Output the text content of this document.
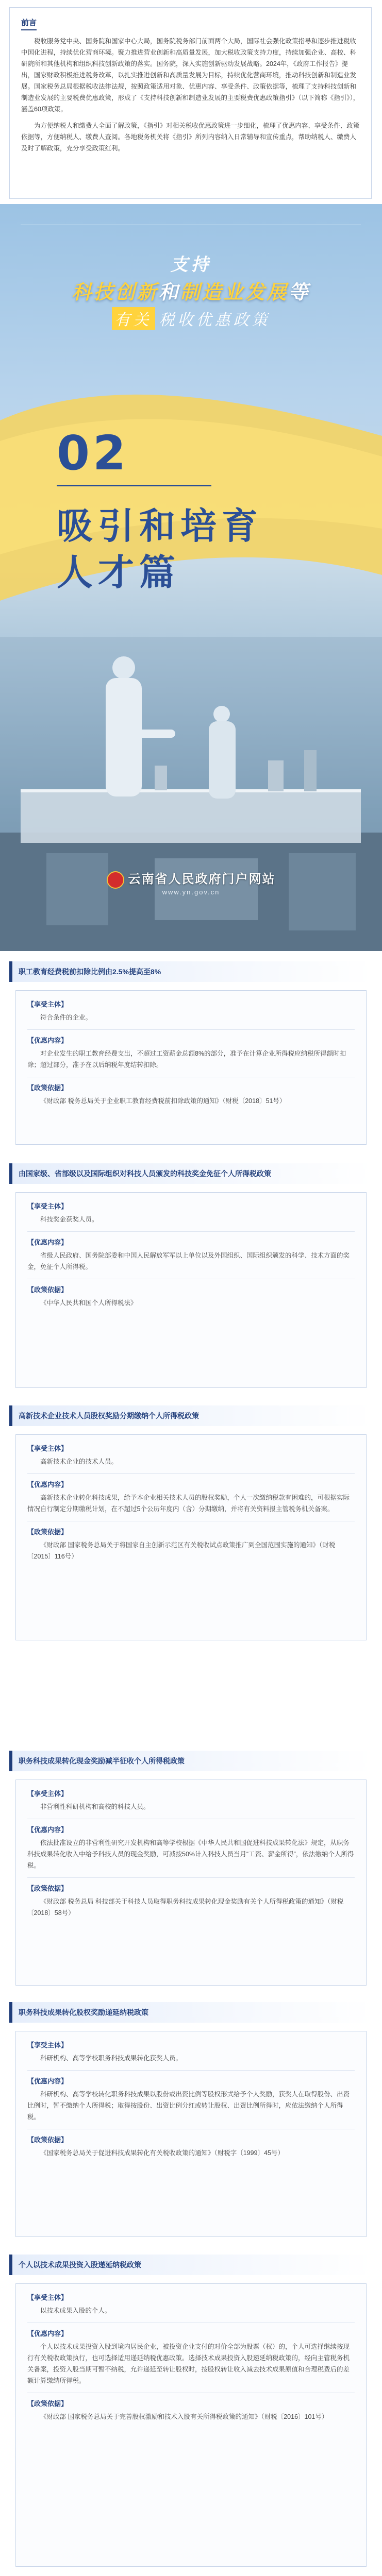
前言

税收服务党中央、国务院和国家中心大局，国务院税务部门前面两个大局，国际社会强化政策指导和逐步推进税收中国化进程，持续优化营商环境。聚力推进营业创新和高质量发展，加大税收政策支持力度，持续加强企业、高校、科研院所和其他机构和组织科技创新政策的落实。国务院，深入实施创新驱动发展战略。2024年，《政府工作报告》提出，国家财政积极推进税务改革，以扎实推进创新和高质量发展为目标，持续优化营商环境，推动科技创新和制造业发展。国家税务总局根据税收法律法规，按照政策适用对象、优惠内容、享受条件、政策依据等，梳理了支持科技创新和制造业发展的主要税费优惠政策，形成了《支持科技创新和制造业发展的主要税费优惠政策指引》（以下简称《指引》），涵盖60项政策。

为方便纳税人和缴费人全面了解政策，《指引》对相关税收优惠政策进一步细化，梳理了优惠内容、享受条件、政策依据等，方便纳税人、缴费人查阅。各地税务机关将《指引》所列内容纳入日常辅导和宣传重点，帮助纳税人、缴费人及时了解政策，充分享受政策红利。

支持
科技创新和制造业发展等
有关 税收优惠政策
02
吸引和培育
人才篇
云南省人民政府门户网站
www.yn.gov.cn
职工教育经费税前扣除比例由2.5%提高至8%
【享受主体】

符合条件的企业。

【优惠内容】

对企业发生的职工教育经费支出，不超过工资薪金总额8%的部分，准予在计算企业所得税应纳税所得额时扣除；超过部分，准予在以后纳税年度结转扣除。

【政策依据】

《财政部 税务总局关于企业职工教育经费税前扣除政策的通知》（财税〔2018〕51号）

由国家级、省部级以及国际组织对科技人员颁发的科技奖金免征个人所得税政策
【享受主体】

科技奖金获奖人员。

【优惠内容】

省级人民政府、国务院部委和中国人民解放军军以上单位以及外国组织、国际组织颁发的科学、技术方面的奖金，免征个人所得税。

【政策依据】

《中华人民共和国个人所得税法》

高新技术企业技术人员股权奖励分期缴纳个人所得税政策
【享受主体】

高新技术企业的技术人员。

【优惠内容】

高新技术企业转化科技成果，给予本企业相关技术人员的股权奖励，个人一次缴纳税款有困难的，可根据实际情况自行制定分期缴税计划，在不超过5个公历年度内（含）分期缴纳，并将有关资料报主管税务机关备案。

【政策依据】

《财政部 国家税务总局关于将国家自主创新示范区有关税收试点政策推广到全国范围实施的通知》（财税〔2015〕116号）

职务科技成果转化现金奖励减半征收个人所得税政策
【享受主体】

非营利性科研机构和高校的科技人员。

【优惠内容】

依法批准设立的非营利性研究开发机构和高等学校根据《中华人民共和国促进科技成果转化法》规定，从职务科技成果转化收入中给予科技人员的现金奖励，可减按50%计入科技人员当月“工资、薪金所得”，依法缴纳个人所得税。

【政策依据】

《财政部 税务总局 科技部关于科技人员取得职务科技成果转化现金奖励有关个人所得税政策的通知》（财税〔2018〕58号）

职务科技成果转化股权奖励递延纳税政策
【享受主体】

科研机构、高等学校职务科技成果转化获奖人员。

【优惠内容】

科研机构、高等学校转化职务科技成果以股份或出资比例等股权形式给予个人奖励，获奖人在取得股份、出资比例时，暂不缴纳个人所得税；取得按股份、出资比例分红或转让股权、出资比例所得时，应依法缴纳个人所得税。

【政策依据】

《国家税务总局关于促进科技成果转化有关税收政策的通知》（财税字〔1999〕45号）

个人以技术成果投资入股递延纳税政策
【享受主体】

以技术成果入股的个人。

【优惠内容】

个人以技术成果投资入股到境内居民企业，被投资企业支付的对价全部为股票（权）的，个人可选择继续按现行有关税收政策执行，也可选择适用递延纳税优惠政策。选择技术成果投资入股递延纳税政策的，经向主管税务机关备案，投资入股当期可暂不纳税，允许递延至转让股权时，按股权转让收入减去技术成果原值和合理税费后的差额计算缴纳所得税。

【政策依据】

《财政部 国家税务总局关于完善股权激励和技术入股有关所得税政策的通知》（财税〔2016〕101号）
